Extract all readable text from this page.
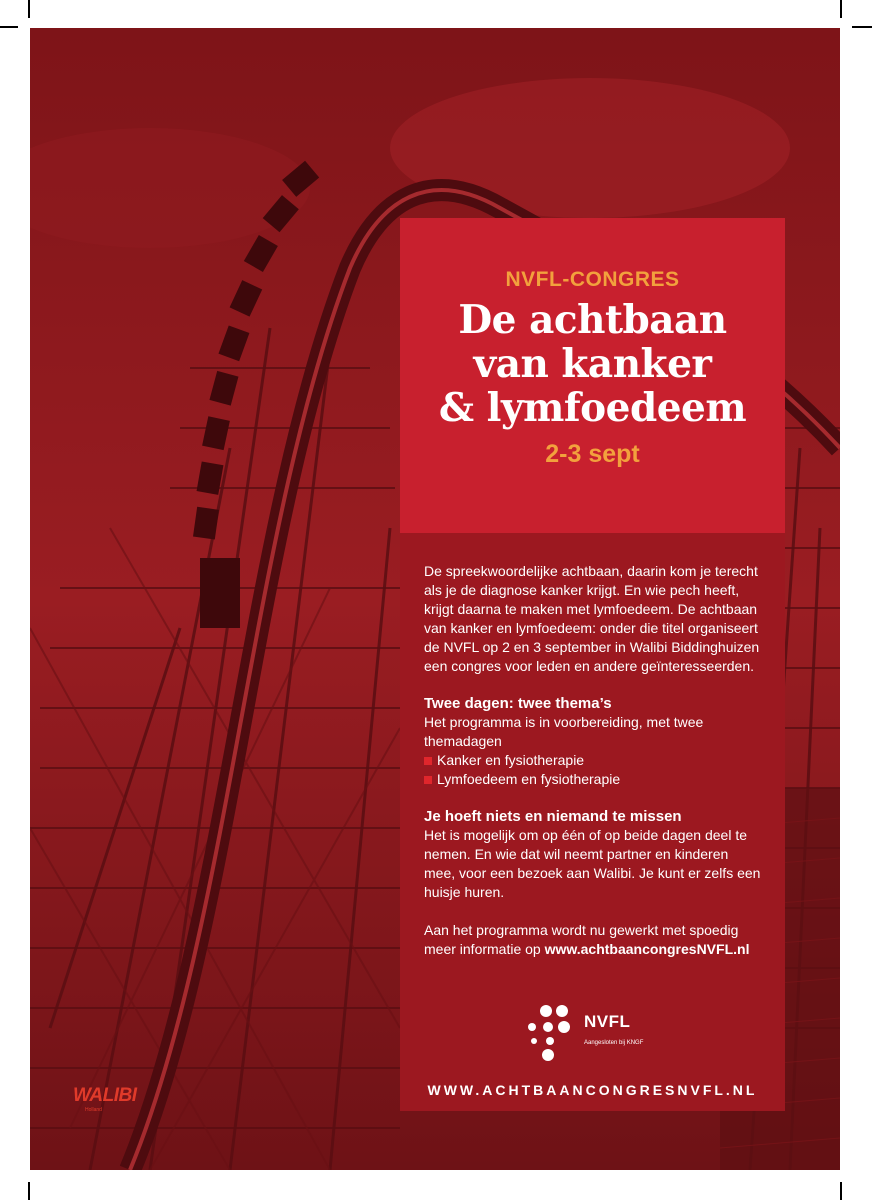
NVFL-CONGRES
De achtbaan
van kanker
& lymfoedeem
2-3 sept

De spreekwoordelijke achtbaan, daarin kom je terecht als je de diagnose kanker krijgt. En wie pech heeft, krijgt daarna te maken met lymfoedeem. De achtbaan van kanker en lymfoedeem: onder die titel organiseert de NVFL op 2 en 3 september in Walibi Biddinghuizen een congres voor leden en andere geïnteresseerden.

Twee dagen: twee thema’s

Het programma is in voorbereiding, met twee themadagen

Kanker en fysiotherapie
Lymfoedeem en fysiotherapie
Je hoeft niets en niemand te missen

Het is mogelijk om op één of op beide dagen deel te nemen. En wie dat wil neemt partner en kinderen mee, voor een bezoek aan Walibi. Je kunt er zelfs een huisje huren.

Aan het programma wordt nu gewerkt met spoedig meer informatie op www.achtbaancongresNVFL.nl

NVFL
Aangesloten bij KNGF
WWW.ACHTBAANCONGRESNVFL.NL
WALIBI
Holland
